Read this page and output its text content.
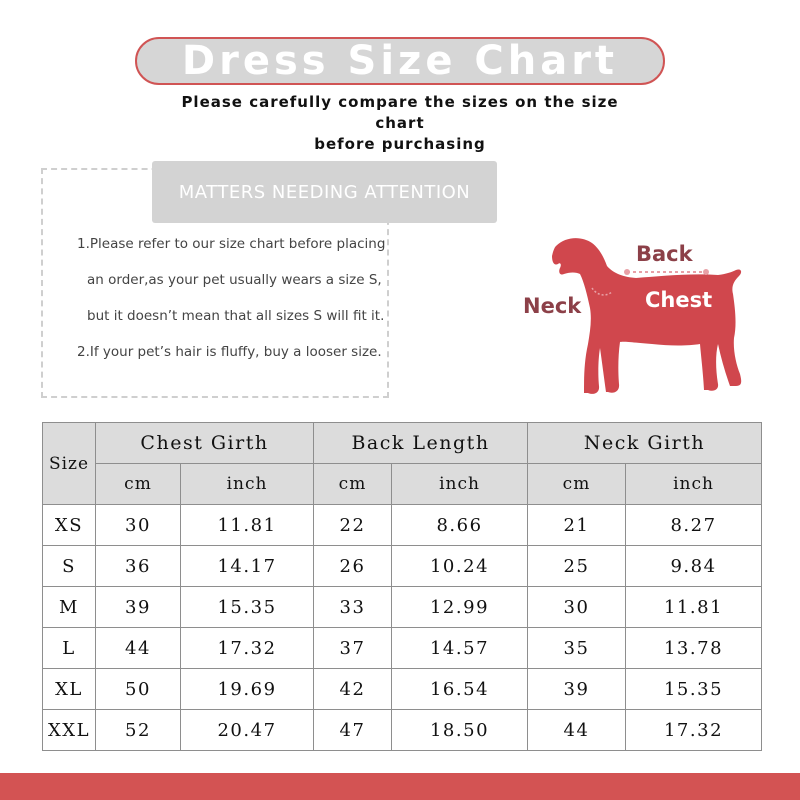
Dress Size Chart
Please carefully compare the sizes on the size chart
before purchasing
MATTERS NEEDING ATTENTION
1.Please refer to our size chart before placing
an order,as your pet usually wears a size S,
but it doesn’t mean that all sizes S will fit it.
2.If your pet’s hair is fluffy, buy a looser size.
Back
Neck	Chest
Size	Chest Girth		Back Length		Neck Girth	
	cm	inch	cm	inch	cm	inch
XS	30	11.81	22	8.66	21	8.27
S	36	14.17	26	10.24	25	9.84
M	39	15.35	33	12.99	30	11.81
L	44	17.32	37	14.57	35	13.78
XL	50	19.69	42	16.54	39	15.35
XXL	52	20.47	47	18.50	44	17.32
